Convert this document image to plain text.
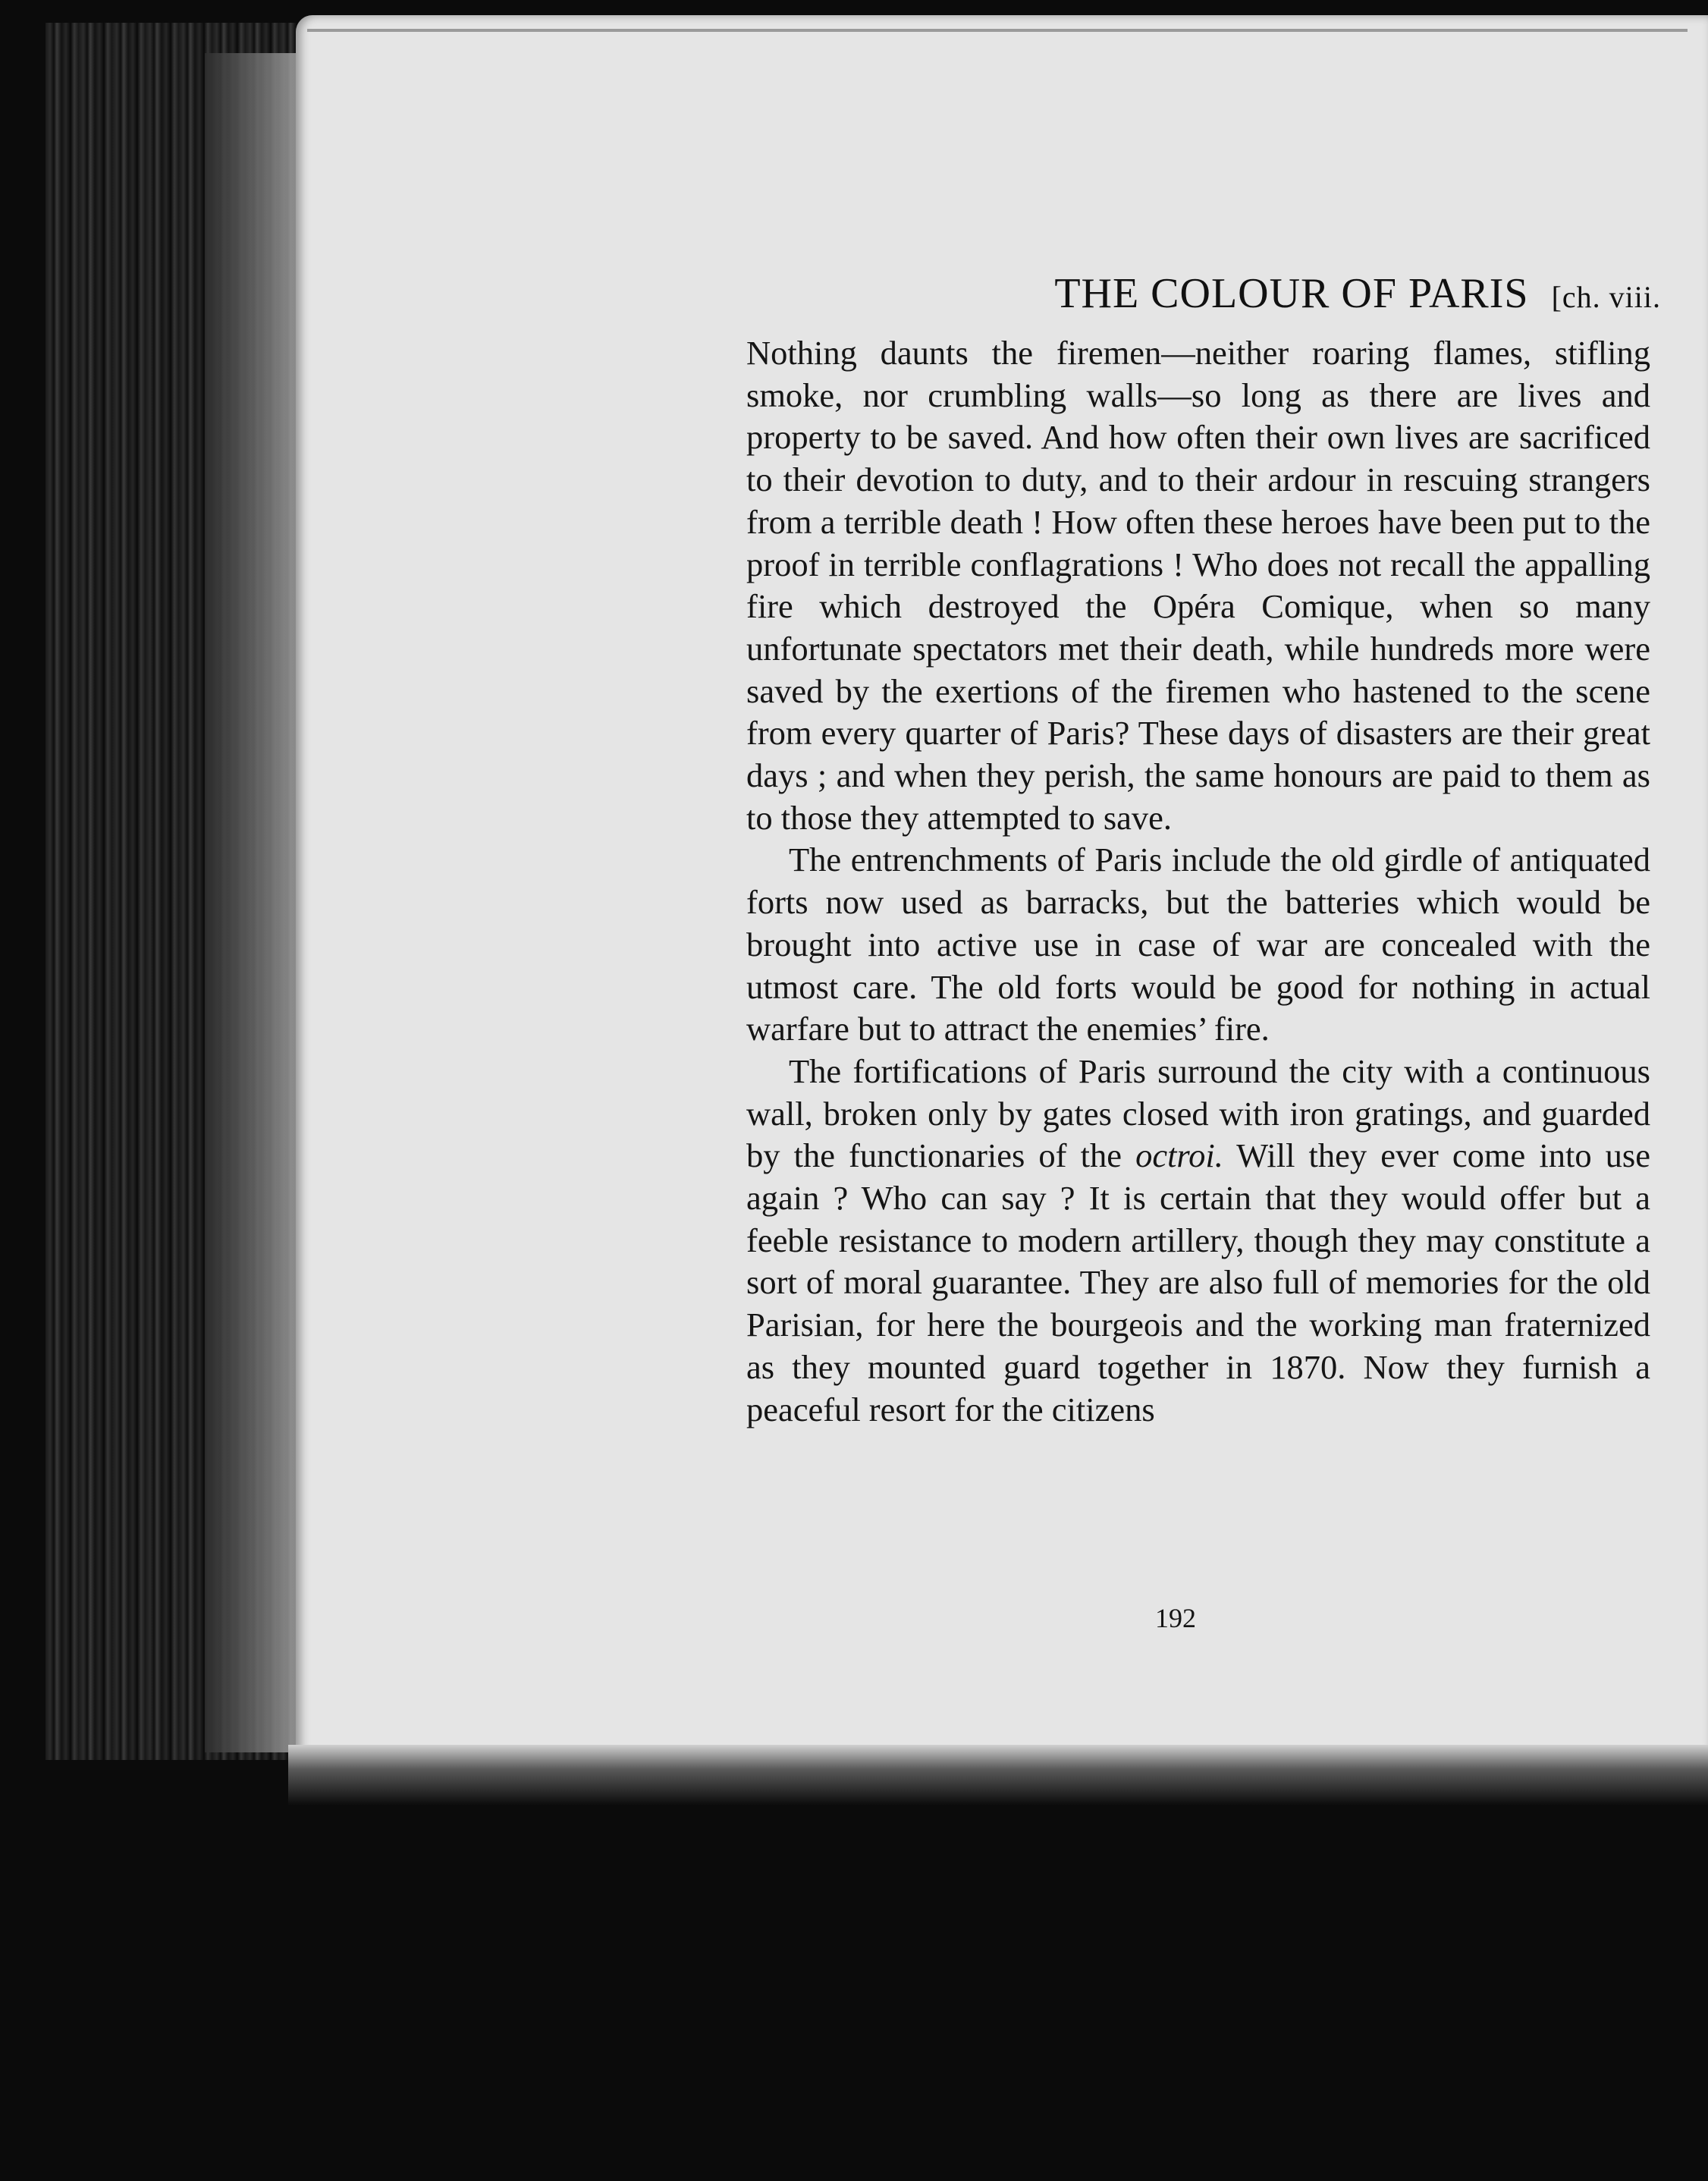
THE COLOUR OF PARIS [ch. viii.

Nothing daunts the firemen—neither roaring flames, stifling smoke, nor crumbling walls—so long as there are lives and property to be saved. And how often their own lives are sacrificed to their devotion to duty, and to their ardour in rescuing strangers from a terrible death ! How often these heroes have been put to the proof in terrible conflagrations ! Who does not recall the appalling fire which destroyed the Opéra Comique, when so many unfortunate spectators met their death, while hundreds more were saved by the exertions of the firemen who hastened to the scene from every quarter of Paris? These days of disasters are their great days ; and when they perish, the same honours are paid to them as to those they attempted to save.

The entrenchments of Paris include the old girdle of antiquated forts now used as barracks, but the batteries which would be brought into active use in case of war are concealed with the utmost care. The old forts would be good for nothing in actual warfare but to attract the enemies’ fire.

The fortifications of Paris surround the city with a continuous wall, broken only by gates closed with iron gratings, and guarded by the functionaries of the octroi. Will they ever come into use again ? Who can say ? It is certain that they would offer but a feeble resistance to modern artillery, though they may constitute a sort of moral guarantee. They are also full of memories for the old Parisian, for here the bourgeois and the working man fraternized as they mounted guard together in 1870. Now they furnish a peaceful resort for the citizens

192
